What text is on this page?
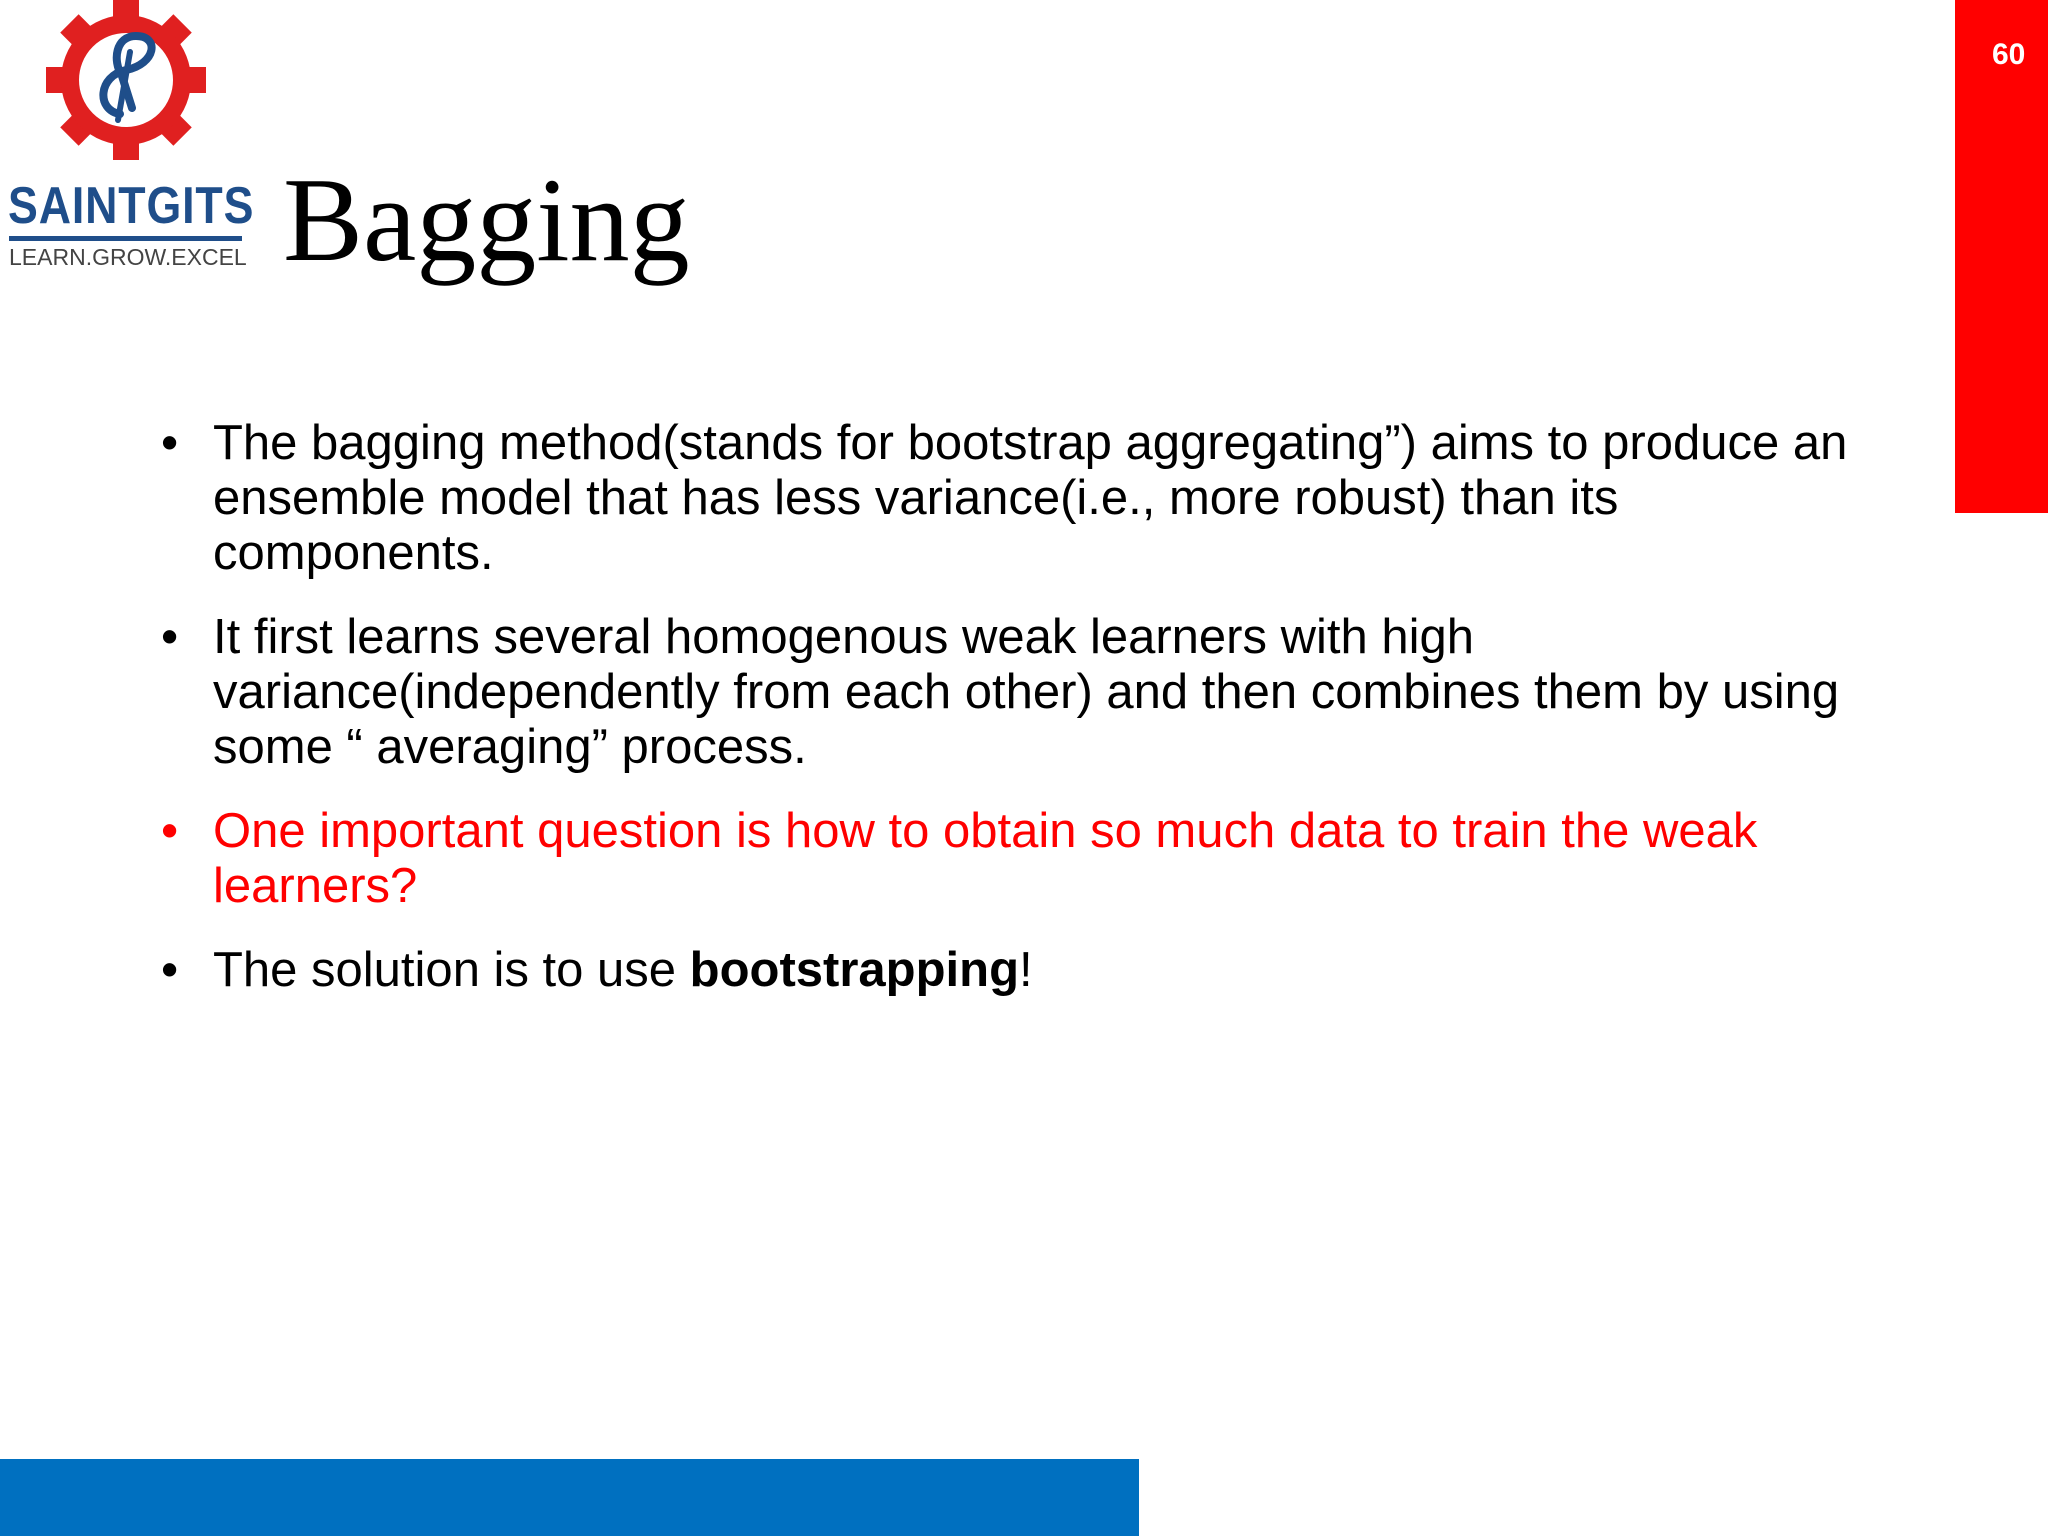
SAINTGITS
LEARN.GROW.EXCEL Bagging
60
• The bagging method(stands for bootstrap aggregating”) aims to produce an ensemble model that has less variance(i.e., more robust) than its components.
• It first learns several homogenous weak learners with high variance(independently from each other) and then combines them by using some “ averaging” process.
• One important question is how to obtain so much data to train the weak learners?
• The solution is to use bootstrapping!
